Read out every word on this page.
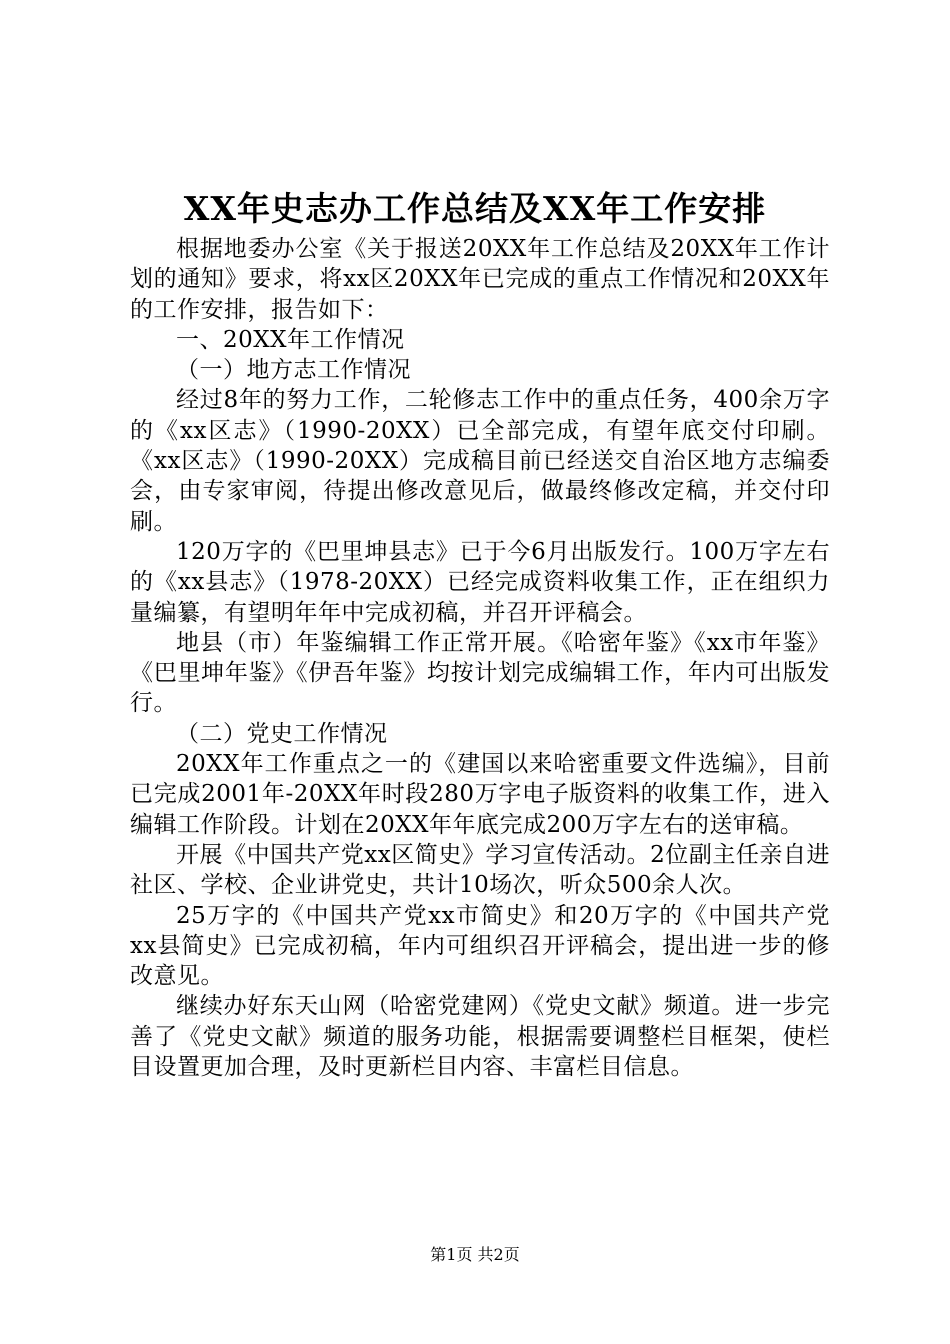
XX年史志办工作总结及XX年工作安排

根据地委办公室《关于报送20XX年工作总结及20XX年工作计划的通知》要求，将xx区20XX年已完成的重点工作情况和20XX年的工作安排，报告如下：

一、20XX年工作情况

（一）地方志工作情况

经过8年的努力工作，二轮修志工作中的重点任务，400余万字的《xx区志》（1990-20XX）已全部完成，有望年底交付印刷。《xx区志》（1990-20XX）完成稿目前已经送交自治区地方志编委会，由专家审阅，待提出修改意见后，做最终修改定稿，并交付印刷。

120万字的《巴里坤县志》已于今6月出版发行。100万字左右的《xx县志》（1978-20XX）已经完成资料收集工作，正在组织力量编纂，有望明年年中完成初稿，并召开评稿会。

地县（市）年鉴编辑工作正常开展。《哈密年鉴》《xx市年鉴》《巴里坤年鉴》《伊吾年鉴》均按计划完成编辑工作，年内可出版发行。

（二）党史工作情况

20XX年工作重点之一的《建国以来哈密重要文件选编》，目前已完成2001年-20XX年时段280万字电子版资料的收集工作，进入编辑工作阶段。计划在20XX年年底完成200万字左右的送审稿。

开展《中国共产党xx区简史》学习宣传活动。2位副主任亲自进社区、学校、企业讲党史，共计10场次，听众500余人次。

25万字的《中国共产党xx市简史》和20万字的《中国共产党xx县简史》已完成初稿，年内可组织召开评稿会，提出进一步的修改意见。

继续办好东天山网（哈密党建网）《党史文献》频道。进一步完善了《党史文献》频道的服务功能，根据需要调整栏目框架，使栏目设置更加合理，及时更新栏目内容、丰富栏目信息。

第1页 共2页
